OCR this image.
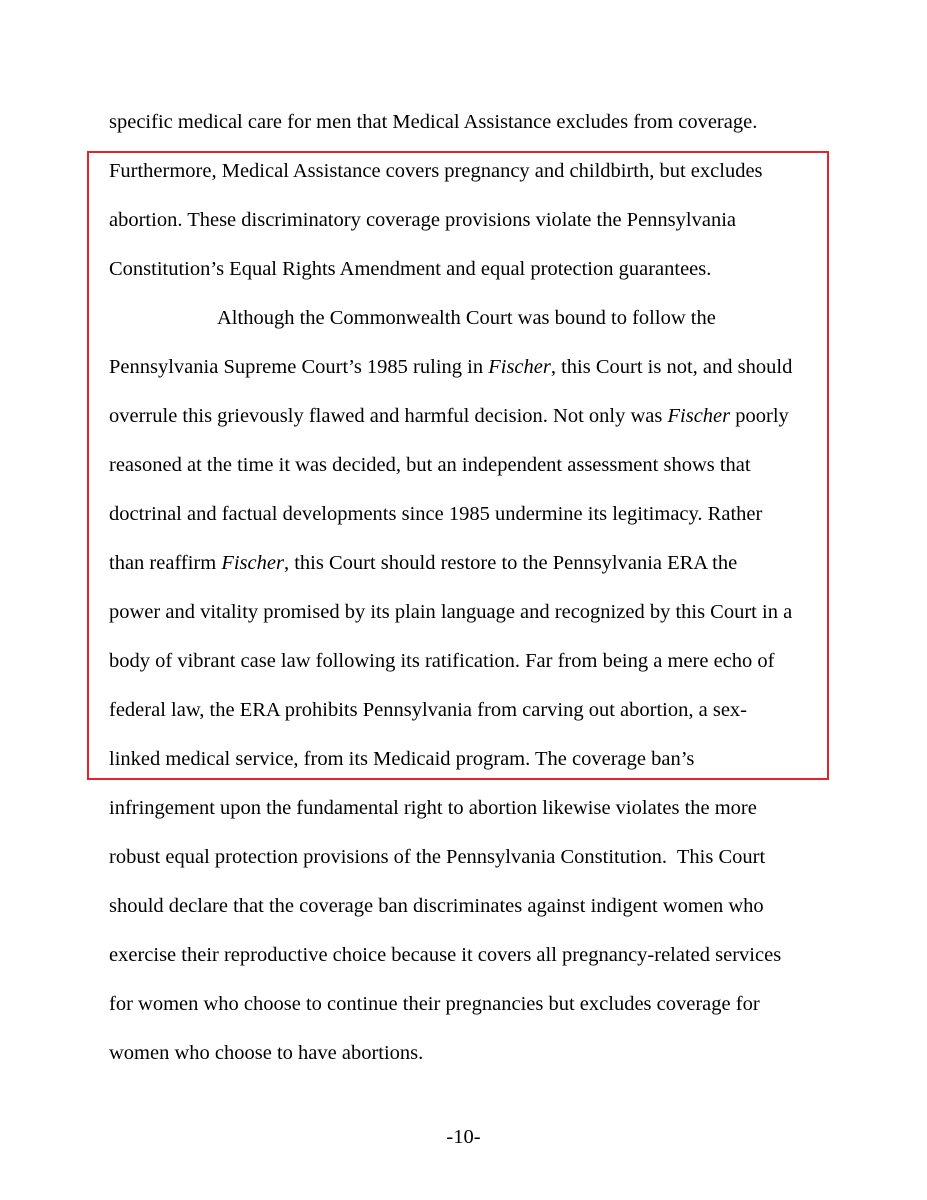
specific medical care for men that Medical Assistance excludes from coverage.
Furthermore, Medical Assistance covers pregnancy and childbirth, but excludes
abortion. These discriminatory coverage provisions violate the Pennsylvania
Constitution’s Equal Rights Amendment and equal protection guarantees.
Although the Commonwealth Court was bound to follow the
Pennsylvania Supreme Court’s 1985 ruling in Fischer, this Court is not, and should
overrule this grievously flawed and harmful decision. Not only was Fischer poorly
reasoned at the time it was decided, but an independent assessment shows that
doctrinal and factual developments since 1985 undermine its legitimacy. Rather
than reaffirm Fischer, this Court should restore to the Pennsylvania ERA the
power and vitality promised by its plain language and recognized by this Court in a
body of vibrant case law following its ratification. Far from being a mere echo of
federal law, the ERA prohibits Pennsylvania from carving out abortion, a sex-
linked medical service, from its Medicaid program. The coverage ban’s
infringement upon the fundamental right to abortion likewise violates the more
robust equal protection provisions of the Pennsylvania Constitution.  This Court
should declare that the coverage ban discriminates against indigent women who
exercise their reproductive choice because it covers all pregnancy-related services
for women who choose to continue their pregnancies but excludes coverage for
women who choose to have abortions.
-10-
